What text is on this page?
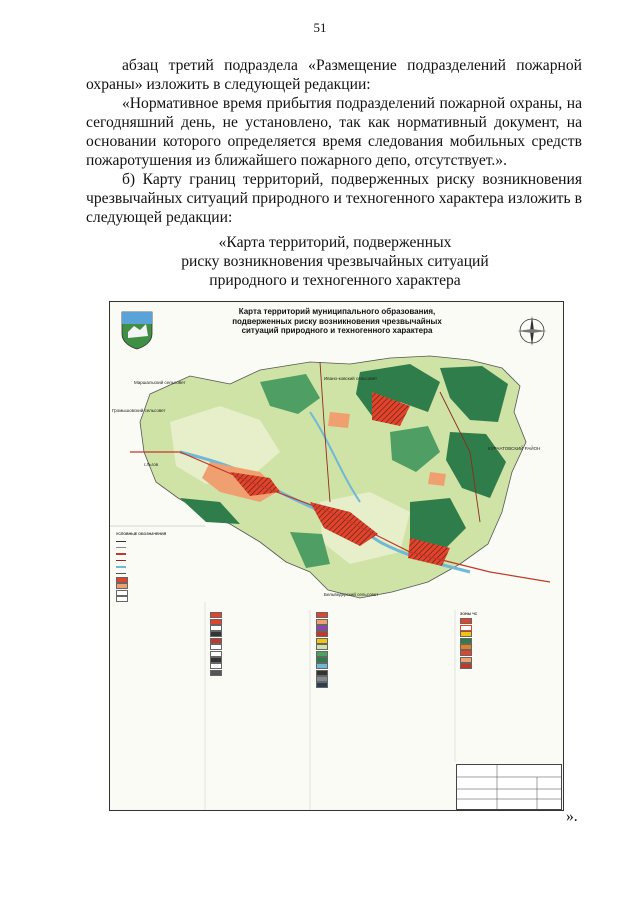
51

абзац третий подраздела «Размещение подразделений пожарной охраны» изложить в следующей редакции:

«Нормативное время прибытия подразделений пожарной охраны, на сегодняшний день, не установлено, так как нормативный документ, на основании которого определяется время следования мобильных средств пожаротушения из ближайшего пожарного депо, отсутствует.».

б) Карту границ территорий, подверженных риску возникновения чрезвычайных ситуаций природного и техногенного характера изложить в следующей редакции:

«Карта территорий, подверженных
риску возникновения чрезвычайных ситуаций
природного и техногенного характера
Карта территорий муниципального образования,
подверженных риску возникновения чрезвычайных
ситуаций природного и техногенного характера
Маршальский сельсовет
Ивано-ковский сельсовет
КУРЧАТОВСКИЙ РАЙОН
Бельведерский сельсовет
г.Льгов
Громышовский сельсовет
УСЛОВНЫЕ ОБОЗНАЧЕНИЯ
ЗОНЫ ЧС
».
